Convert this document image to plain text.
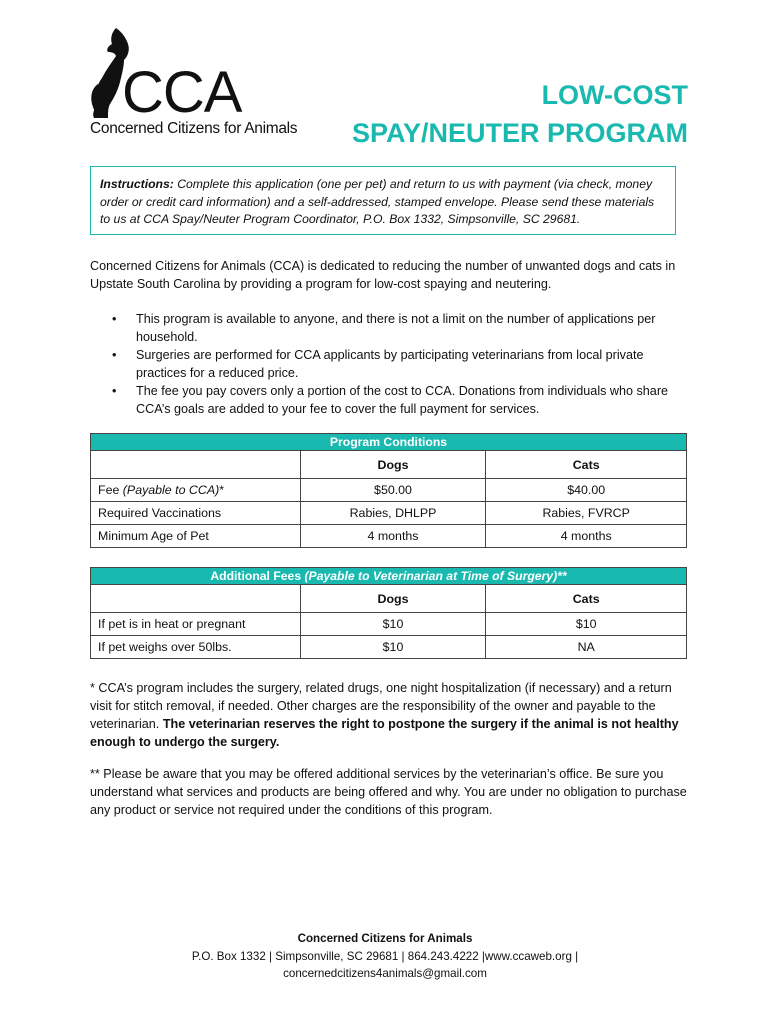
CCA
Concerned Citizens for Animals
LOW-COST
SPAY/NEUTER PROGRAM
Instructions: Complete this application (one per pet) and return to us with payment (via check, money order or credit card information) and a self-addressed, stamped envelope. Please send these materials to us at CCA Spay/Neuter Program Coordinator, P.O. Box 1332, Simpsonville, SC 29681.
Concerned Citizens for Animals (CCA) is dedicated to reducing the number of unwanted dogs and cats in Upstate South Carolina by providing a program for low-cost spaying and neutering.
• This program is available to anyone, and there is not a limit on the number of applications per household.
• Surgeries are performed for CCA applicants by participating veterinarians from local private practices for a reduced price.
• The fee you pay covers only a portion of the cost to CCA. Donations from individuals who share CCA’s goals are added to your fee to cover the full payment for services.
Program Conditions		
	Dogs	Cats
Fee (Payable to CCA)*	$50.00	$40.00
Required Vaccinations	Rabies, DHLPP	Rabies, FVRCP
Minimum Age of Pet	4 months	4 months
Additional Fees (Payable to Veterinarian at Time of Surgery)**		
	Dogs	Cats
If pet is in heat or pregnant	$10	$10
If pet weighs over 50lbs.	$10	NA
* CCA’s program includes the surgery, related drugs, one night hospitalization (if necessary) and a return visit for stitch removal, if needed. Other charges are the responsibility of the owner and payable to the veterinarian. The veterinarian reserves the right to postpone the surgery if the animal is not healthy enough to undergo the surgery.
** Please be aware that you may be offered additional services by the veterinarian’s office. Be sure you understand what services and products are being offered and why. You are under no obligation to purchase any product or service not required under the conditions of this program.
Concerned Citizens for Animals
P.O. Box 1332 | Simpsonville, SC 29681 | 864.243.4222 |www.ccaweb.org |
concernedcitizens4animals@gmail.com
